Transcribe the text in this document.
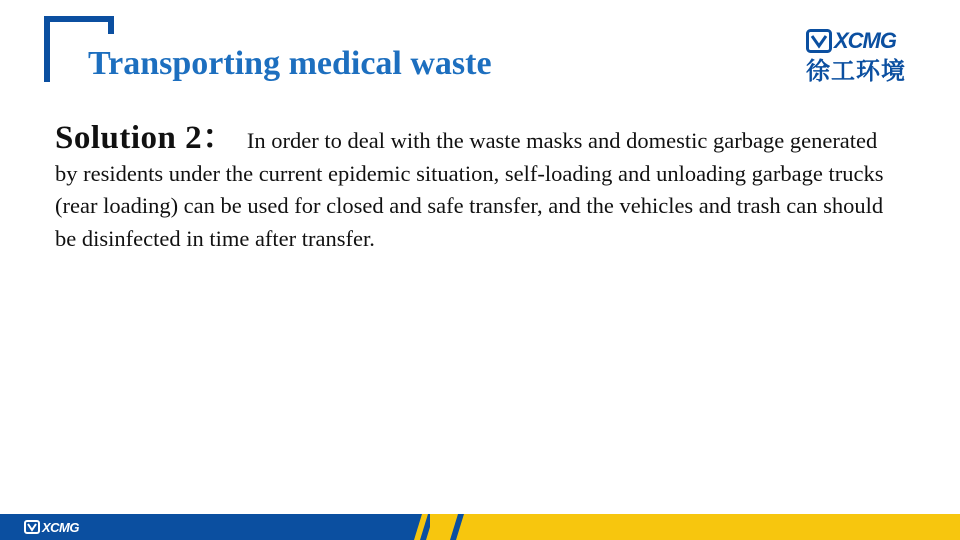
Transporting medical waste
XCMG
徐工环境
Solution 2： In order to deal with the waste masks and domestic garbage generated by residents under the current epidemic situation, self-loading and unloading garbage trucks (rear loading) can be used for closed and safe transfer, and the vehicles and trash can should be disinfected in time after transfer.
XCMG
